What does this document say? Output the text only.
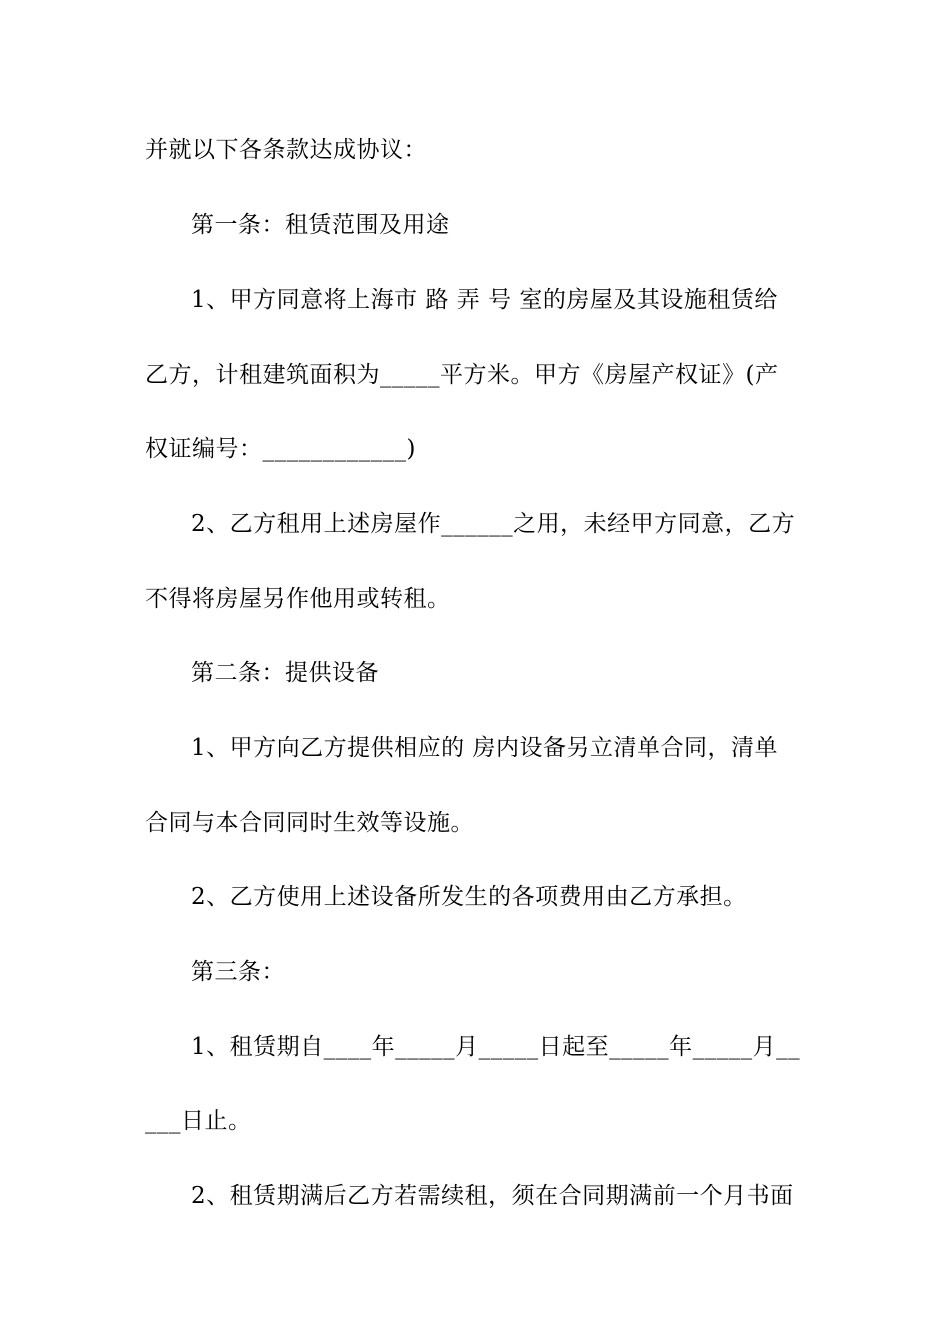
并就以下各条款达成协议：
第一条：租赁范围及用途
1、甲方同意将上海市 路 弄 号 室的房屋及其设施租赁给
乙方，计租建筑面积为_____平方米。甲方《房屋产权证》(产
权证编号：____________)
2、乙方租用上述房屋作______之用，未经甲方同意，乙方
不得将房屋另作他用或转租。
第二条：提供设备
1、甲方向乙方提供相应的 房内设备另立清单合同，清单
合同与本合同同时生效等设施。
2、乙方使用上述设备所发生的各项费用由乙方承担。
第三条：
1、租赁期自____年_____月_____日起至_____年_____月__
___日止。
2、租赁期满后乙方若需续租，须在合同期满前一个月书面
